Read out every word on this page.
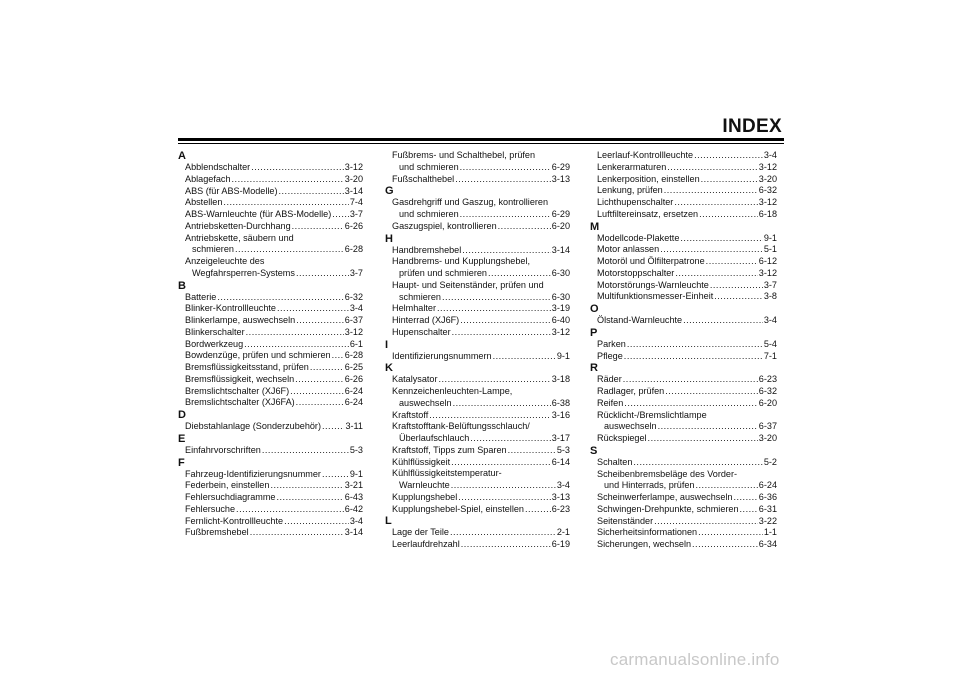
INDEX
A
Abblendschalter .....	3-12
Ablagefach .....	3-20
ABS (für ABS-Modelle) .....	3-14
Abstellen .....	7-4
ABS-Warnleuchte (für ABS-Modelle) ..... 3-7
Antriebsketten-Durchhang .....	6-26
Antriebskette, säubern und
schmieren .....	6-28
Anzeigeleuchte des
Wegfahrsperren-Systems .....	3-7
B
Batterie .....	6-32
Blinker-Kontrollleuchte .....	3-4
Blinkerlampe, auswechseln .....	6-37
Blinkerschalter .....	3-12
Bordwerkzeug .....	6-1
Bowdenzüge, prüfen und schmieren ..... 6-28
Bremsflüssigkeitsstand, prüfen .....	6-25
Bremsflüssigkeit, wechseln .....	6-26
Bremslichtschalter (XJ6F) .....	6-24
Bremslichtschalter (XJ6FA) .....	6-24
D
Diebstahlanlage (Sonderzubehör) .....	3-11
E
Einfahrvorschriften .....	5-3
F
Fahrzeug-Identifizierungsnummer .....	9-1
Federbein, einstellen .....	3-21
Fehlersuchdiagramme .....	6-43
Fehlersuche .....	6-42
Fernlicht-Kontrollleuchte .....	3-4
Fußbremshebel .....	3-14
Fußbrems- und Schalthebel, prüfen
und schmieren .....	6-29
Fußschalthebel .....	3-13
G
Gasdrehgriff und Gaszug, kontrollieren
und schmieren .....	6-29
Gaszugspiel, kontrollieren .....	6-20
H
Handbremshebel .....	3-14
Handbrems- und Kupplungshebel,
prüfen und schmieren .....	6-30
Haupt- und Seitenständer, prüfen und
schmieren .....	6-30
Helmhalter .....	3-19
Hinterrad (XJ6F) .....	6-40
Hupenschalter .....	3-12
I
Identifizierungsnummern .....	9-1
K
Katalysator .....	3-18
Kennzeichenleuchten-Lampe,
auswechseln .....	6-38
Kraftstoff .....	3-16
Kraftstofftank-Belüftungsschlauch/
Überlaufschlauch .....	3-17
Kraftstoff, Tipps zum Sparen .....	5-3
Kühlflüssigkeit .....	6-14
Kühlflüssigkeitstemperatur-
Warnleuchte .....	3-4
Kupplungshebel .....	3-13
Kupplungshebel-Spiel, einstellen .....	6-23
L
Lage der Teile .....	2-1
Leerlaufdrehzahl .....	6-19
Leerlauf-Kontrollleuchte .....	3-4
Lenkerarmaturen .....	3-12
Lenkerposition, einstellen .....	3-20
Lenkung, prüfen .....	6-32
Lichthupenschalter .....	3-12
Luftfiltereinsatz, ersetzen .....	6-18
M
Modellcode-Plakette .....	9-1
Motor anlassen .....	5-1
Motoröl und Ölfilterpatrone .....	6-12
Motorstoppschalter .....	3-12
Motorstörungs-Warnleuchte .....	3-7
Multifunktionsmesser-Einheit .....	3-8
O
Ölstand-Warnleuchte .....	3-4
P
Parken .....	5-4
Pflege .....	7-1
R
Räder .....	6-23
Radlager, prüfen .....	6-32
Reifen .....	6-20
Rücklicht-/Bremslichtlampe
auswechseln .....	6-37
Rückspiegel .....	3-20
S
Schalten .....	5-2
Scheibenbremsbeläge des Vorder-
und Hinterrads, prüfen .....	6-24
Scheinwerferlampe, auswechseln .....	6-36
Schwingen-Drehpunkte, schmieren ..... 6-31
Seitenständer .....	3-22
Sicherheitsinformationen .....	1-1
Sicherungen, wechseln .....	6-34
carmanualsonline.info
